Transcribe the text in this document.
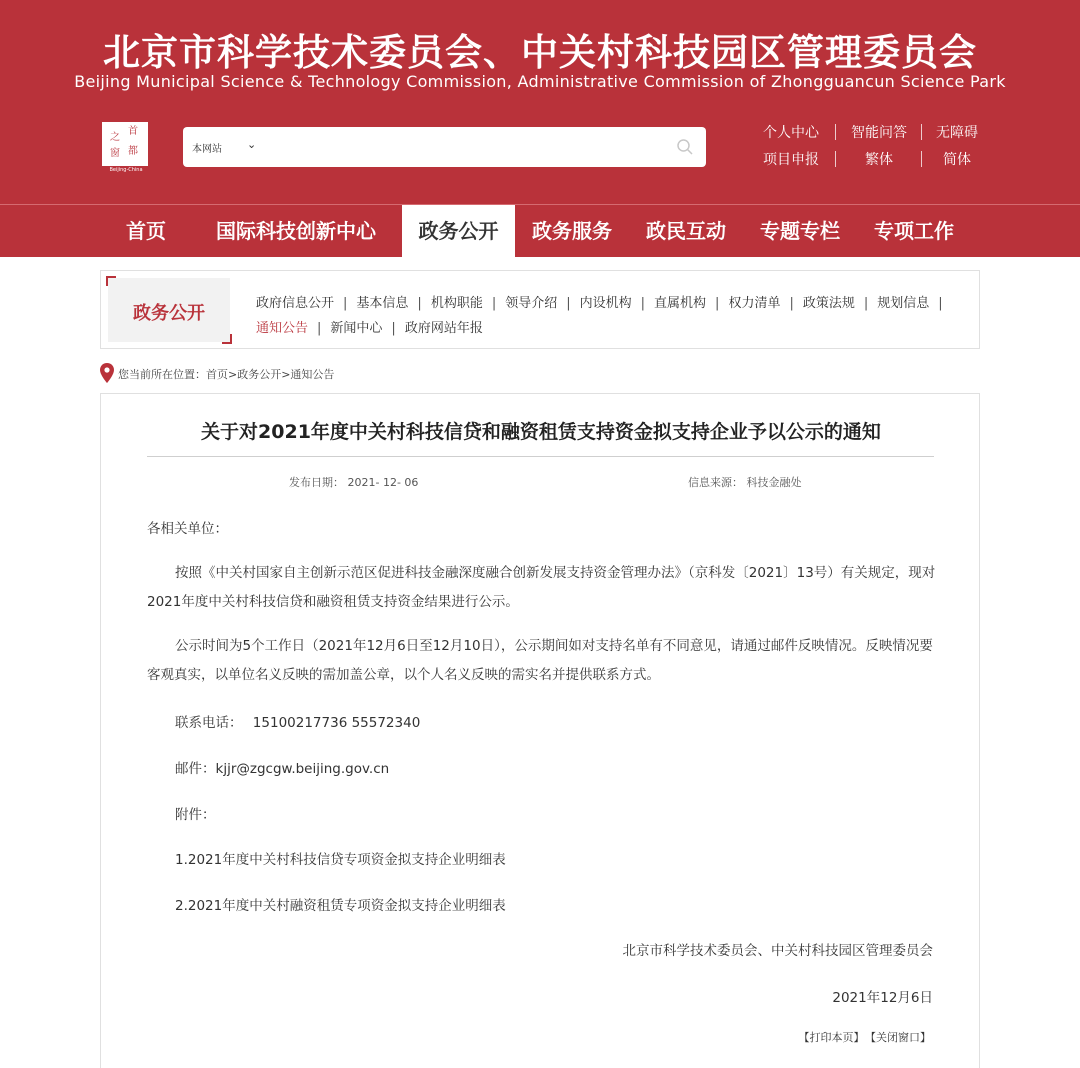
北京市科学技术委员会、中关村科技园区管理委员会
Beijing Municipal Science & Technology Commission, Administrative Commission of Zhongguancun Science Park
首
都
之
窗
Beijing-China
本网站 ⌄
个人中心 智能问答 无障碍
项目申报	繁体	简体
首页	国际科技创新中心	政务公开	政务服务	政民互动	专题专栏	专项工作
政务公开	政府信息公开 | 基本信息 | 机构职能 | 领导介绍 | 内设机构 | 直属机构 | 权力清单 | 政策法规 | 规划信息 |
通知公告 | 新闻中心 | 政府网站年报
您当前所在位置：首页>政务公开>通知公告
关于对2021年度中关村科技信贷和融资租赁支持资金拟支持企业予以公示的通知
发布日期： 2021- 12- 06	信息来源： 科技金融处
各相关单位：
按照《中关村国家自主创新示范区促进科技金融深度融合创新发展支持资金管理办法》（京科发〔2021〕13号）有关规定，现对2021年度中关村科技信贷和融资租赁支持资金结果进行公示。
公示时间为5个工作日（2021年12月6日至12月10日），公示期间如对支持名单有不同意见，请通过邮件反映情况。反映情况要客观真实，以单位名义反映的需加盖公章，以个人名义反映的需实名并提供联系方式。
联系电话： 15100217736 55572340
邮件：kjjr@zgcgw.beijing.gov.cn
附件：
1.2021年度中关村科技信贷专项资金拟支持企业明细表
2.2021年度中关村融资租赁专项资金拟支持企业明细表
北京市科学技术委员会、中关村科技园区管理委员会
2021年12月6日
【打印本页】 【关闭窗口】
